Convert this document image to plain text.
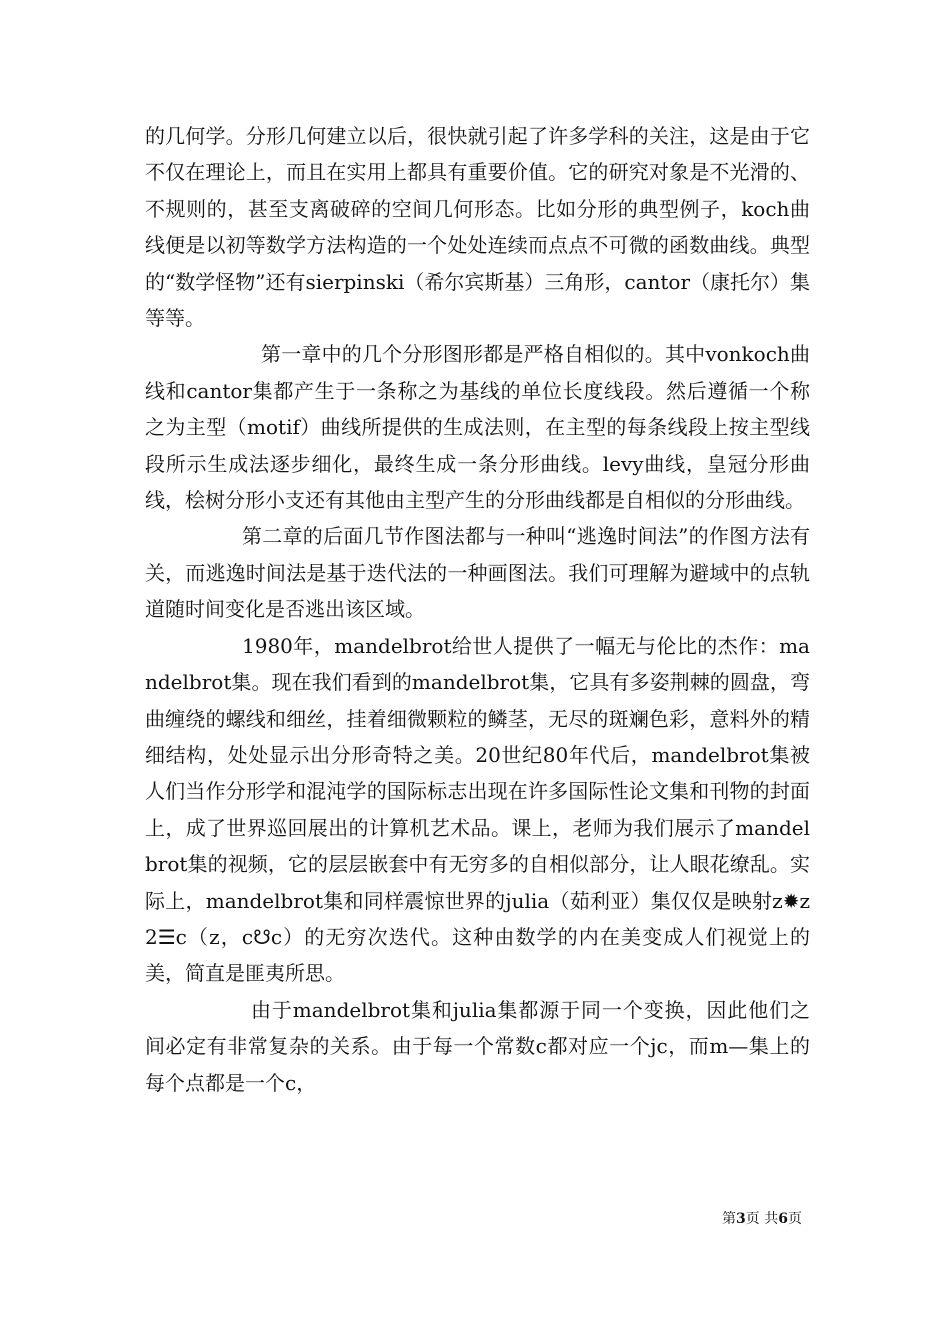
的几何学。分形几何建立以后，很快就引起了许多学科的关注，这是由于它不仅在理论上，而且在实用上都具有重要价值。它的研究对象是不光滑的、不规则的，甚至支离破碎的空间几何形态。比如分形的典型例子，koch曲线便是以初等数学方法构造的一个处处连续而点点不可微的函数曲线。典型的“数学怪物”还有sierpinski（希尔宾斯基）三角形，cantor（康托尔）集等等。

第一章中的几个分形图形都是严格自相似的。其中vonkoch曲线和cantor集都产生于一条称之为基线的单位长度线段。然后遵循一个称之为主型（motif）曲线所提供的生成法则，在主型的每条线段上按主型线段所示生成法逐步细化，最终生成一条分形曲线。levy曲线，皇冠分形曲线，桧树分形小支还有其他由主型产生的分形曲线都是自相似的分形曲线。

第二章的后面几节作图法都与一种叫“逃逸时间法”的作图方法有关，而逃逸时间法是基于迭代法的一种画图法。我们可理解为避域中的点轨道随时间变化是否逃出该区域。

1980年，mandelbrot给世人提供了一幅无与伦比的杰作：mandelbrot集。现在我们看到的mandelbrot集，它具有多姿荆棘的圆盘，弯曲缠绕的螺线和细丝，挂着细微颗粒的鳞茎，无尽的斑斓色彩，意料外的精细结构，处处显示出分形奇特之美。20世纪80年代后，mandelbrot集被人们当作分形学和混沌学的国际标志出现在许多国际性论文集和刊物的封面上，成了世界巡回展出的计算机艺术品。课上，老师为我们展示了mandelbrot集的视频，它的层层嵌套中有无穷多的自相似部分，让人眼花缭乱。实际上，mandelbrot集和同样震惊世界的julia（茹利亚）集仅仅是映射z✹z2☰c（z，c☋c）的无穷次迭代。这种由数学的内在美变成人们视觉上的美，简直是匪夷所思。

由于mandelbrot集和julia集都源于同一个变换，因此他们之间必定有非常复杂的关系。由于每一个常数c都对应一个jc，而m—集上的每个点都是一个c，

第3页 共6页
